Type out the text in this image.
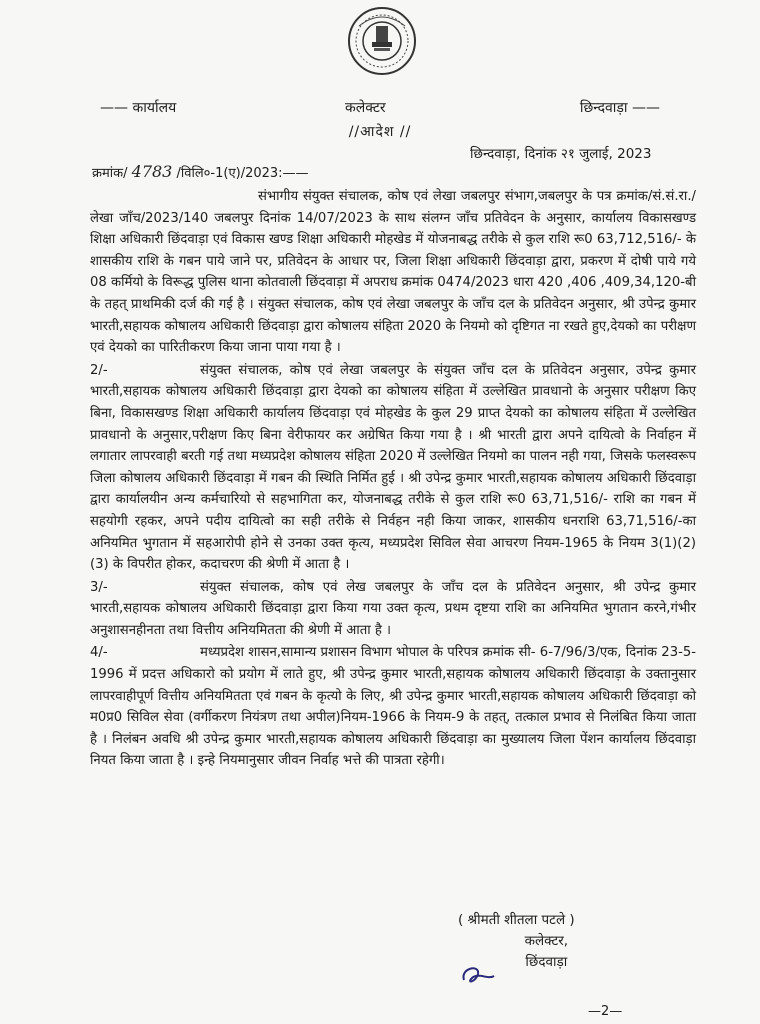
—— कार्यालय	कलेक्टर	छिन्दवाड़ा ——
//आदेश //
छिन्दवाड़ा, दिनांक २‌१ जुलाई, 2023
क्रमांक/ 4783 /विलि०-1(ए)/2023:——

संभागीय संयुक्त संचालक, कोष एवं लेखा जबलपुर संभाग,जबलपुर के पत्र क्रमांक/सं.सं.रा./लेखा जाँच/2023/140 जबलपुर दिनांक 14/07/2023 के साथ संलग्न जाँच प्रतिवेदन के अनुसार, कार्यालय विकासखण्ड शिक्षा अधिकारी छिंदवाड़ा एवं विकास खण्ड शिक्षा अधिकारी मोहखेड में योजनाबद्ध तरीके से कुल राशि रू0 63,712,516/- के शासकीय राशि के गबन पाये जाने पर, प्रतिवेदन के आधार पर, जिला शिक्षा अधिकारी छिंदवाड़ा द्वारा, प्रकरण में दोषी पाये गये 08 कर्मियो के विरूद्ध पुलिस थाना कोतवाली छिंदवाड़ा में अपराध क्रमांक 0474/2023 धारा 420 ,406 ,409,34,120-बी के तहत् प्राथमिकी दर्ज की गई है । संयुक्त संचालक, कोष एवं लेखा जबलपुर के जाँच दल के प्रतिवेदन अनुसार, श्री उपेन्द्र कुमार भारती,सहायक कोषालय अधिकारी छिंदवाड़ा द्वारा कोषालय संहिता 2020 के नियमो को दृष्टिगत ना रखते हुए,देयको का परीक्षण एवं देयको का पारितीकरण किया जाना पाया गया है ।

2/-	संयुक्त संचालक, कोष एवं लेखा जबलपुर के संयुक्त जाँच दल के प्रतिवेदन अनुसार, उपेन्द्र कुमार भारती,सहायक कोषालय अधिकारी छिंदवाड़ा द्वारा देयको का कोषालय संहिता में उल्लेखित प्रावधानो के अनुसार परीक्षण किए बिना, विकासखण्ड शिक्षा अधिकारी कार्यालय छिंदवाड़ा एवं मोहखेड के कुल 29 प्राप्त देयको का कोषालय संहिता में उल्लेखित प्रावधानो के अनुसार,परीक्षण किए बिना वेरीफायर कर अग्रेषित किया गया है । श्री भारती द्वारा अपने दायित्वो के निर्वाहन में लगातार लापरवाही बरती गई तथा मध्यप्रदेश कोषालय संहिता 2020 में उल्लेखित नियमो का पालन नही गया, जिसके फलस्वरूप जिला कोषालय अधिकारी छिंदवाड़ा में गबन की स्थिति निर्मित हुई । श्री उपेन्द्र कुमार भारती,सहायक कोषालय अधिकारी छिंदवाड़ा द्वारा कार्यालयीन अन्य कर्मचारियो से सहभागिता कर, योजनाबद्ध तरीके से कुल राशि रू0 63,71,516/- राशि का गबन में सहयोगी रहकर, अपने पदीय दायित्वो का सही तरीके से निर्वहन नही किया जाकर, शासकीय धनराशि 63,71,516/-का अनियमित भुगतान में सहआरोपी होने से उनका उक्त कृत्य, मध्यप्रदेश सिविल सेवा आचरण नियम-1965 के नियम 3(1)(2)(3) के विपरीत होकर, कदाचरण की श्रेणी में आता है ।

3/-	संयुक्त संचालक, कोष एवं लेख जबलपुर के जाँच दल के प्रतिवेदन अनुसार, श्री उपेन्द्र कुमार भारती,सहायक कोषालय अधिकारी छिंदवाड़ा द्वारा किया गया उक्त कृत्य, प्रथम दृष्टया राशि का अनियमित भुगतान करने,गंभीर अनुशासनहीनता तथा वित्तीय अनियमितता की श्रेणी में आता है ।

4/-	मध्यप्रदेश शासन,सामान्य प्रशासन विभाग भोपाल के परिपत्र क्रमांक सी- 6-7/96/3/एक, दिनांक 23-5-1996 में प्रदत्त अधिकारो को प्रयोग में लाते हुए, श्री उपेन्द्र कुमार भारती,सहायक कोषालय अधिकारी छिंदवाड़ा के उक्तानुसार लापरवाहीपूर्ण वित्तीय अनियमितता एवं गबन के कृत्यो के लिए, श्री उपेन्द्र कुमार भारती,सहायक कोषालय अधिकारी छिंदवाड़ा को म0प्र0 सिविल सेवा (वर्गीकरण नियंत्रण तथा अपील)नियम-1966 के नियम-9 के तहत्, तत्काल प्रभाव से निलंबित किया जाता है । निलंबन अवधि श्री उपेन्द्र कुमार भारती,सहायक कोषालय अधिकारी छिंदवाड़ा का मुख्यालय जिला पेंशन कार्यालय छिंदवाड़ा नियत किया जाता है । इन्हे नियमानुसार जीवन निर्वाह भत्ते की पात्रता रहेगी।

( श्रीमती शीतला पटले )
कलेक्टर,
छिंदवाड़ा
—2—
